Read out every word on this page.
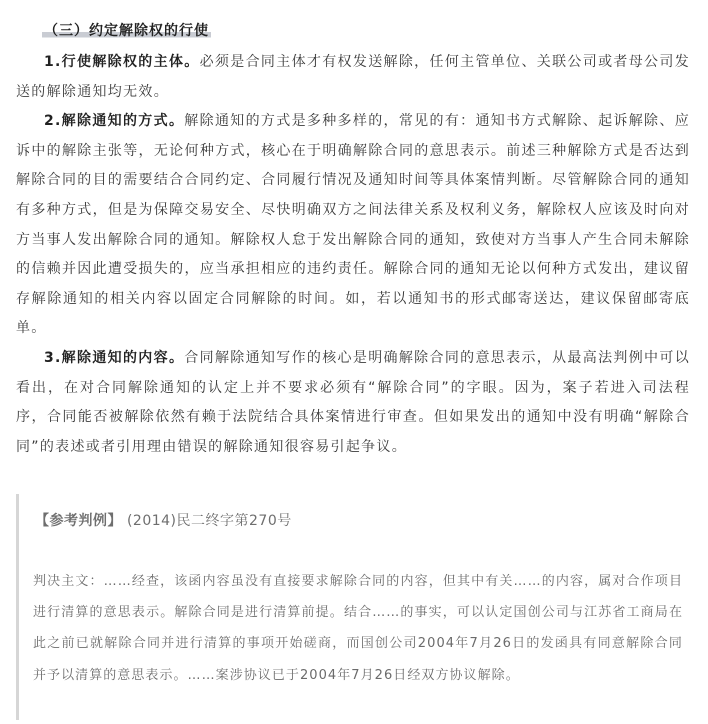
（三）约定解除权的行使

1.行使解除权的主体。必须是合同主体才有权发送解除，任何主管单位、关联公司或者母公司发送的解除通知均无效。

2.解除通知的方式。解除通知的方式是多种多样的，常见的有：通知书方式解除、起诉解除、应诉中的解除主张等，无论何种方式，核心在于明确解除合同的意思表示。前述三种解除方式是否达到解除合同的目的需要结合合同约定、合同履行情况及通知时间等具体案情判断。尽管解除合同的通知有多种方式，但是为保障交易安全、尽快明确双方之间法律关系及权利义务，解除权人应该及时向对方当事人发出解除合同的通知。解除权人怠于发出解除合同的通知，致使对方当事人产生合同未解除的信赖并因此遭受损失的，应当承担相应的违约责任。解除合同的通知无论以何种方式发出，建议留存解除通知的相关内容以固定合同解除的时间。如，若以通知书的形式邮寄送达，建议保留邮寄底单。

3.解除通知的内容。合同解除通知写作的核心是明确解除合同的意思表示，从最高法判例中可以看出，在对合同解除通知的认定上并不要求必须有“解除合同”的字眼。因为，案子若进入司法程序，合同能否被解除依然有赖于法院结合具体案情进行审查。但如果发出的通知中没有明确“解除合同”的表述或者引用理由错误的解除通知很容易引起争议。

【参考判例】 (2014)民二终字第270号

判决主文：……经查，该函内容虽没有直接要求解除合同的内容，但其中有关……的内容，属对合作项目进行清算的意思表示。解除合同是进行清算前提。结合……的事实，可以认定国创公司与江苏省工商局在此之前已就解除合同并进行清算的事项开始磋商，而国创公司2004年7月26日的发函具有同意解除合同并予以清算的意思表示。……案涉协议已于2004年7月26日经双方协议解除。
